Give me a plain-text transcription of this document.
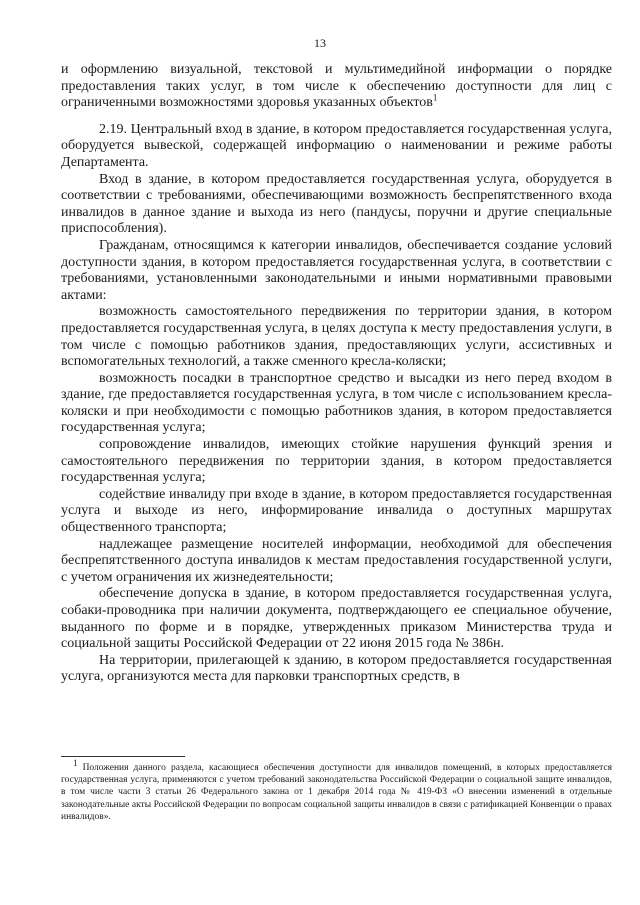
13

и оформлению визуальной, текстовой и мультимедийной информации о порядке предоставления таких услуг, в том числе к обеспечению доступности для лиц с ограниченными возможностями здоровья указанных объектов$^1$

2.19. Центральный вход в здание, в котором предоставляется государственная услуга, оборудуется вывеской, содержащей информацию о наименовании и режиме работы Департамента.

Вход в здание, в котором предоставляется государственная услуга, оборудуется в соответствии с требованиями, обеспечивающими возможность беспрепятственного входа инвалидов в данное здание и выхода из него (пандусы, поручни и другие специальные приспособления).

Гражданам, относящимся к категории инвалидов, обеспечивается создание условий доступности здания, в котором предоставляется государственная услуга, в соответствии с требованиями, установленными законодательными и иными нормативными правовыми актами:

возможность самостоятельного передвижения по территории здания, в котором предоставляется государственная услуга, в целях доступа к месту предоставления услуги, в том числе с помощью работников здания, предоставляющих услуги, ассистивных и вспомогательных технологий, а также сменного кресла-коляски;

возможность посадки в транспортное средство и высадки из него перед входом в здание, где предоставляется государственная услуга, в том числе с использованием кресла-коляски и при необходимости с помощью работников здания, в котором предоставляется государственная услуга;

сопровождение инвалидов, имеющих стойкие нарушения функций зрения и самостоятельного передвижения по территории здания, в котором предоставляется государственная услуга;

содействие инвалиду при входе в здание, в котором предоставляется государственная услуга и выходе из него, информирование инвалида о доступных маршрутах общественного транспорта;

надлежащее размещение носителей информации, необходимой для обеспечения беспрепятственного доступа инвалидов к местам предоставления государственной услуги, с учетом ограничения их жизнедеятельности;

обеспечение допуска в здание, в котором предоставляется государственная услуга, собаки-проводника при наличии документа, подтверждающего ее специальное обучение, выданного по форме и в порядке, утвержденных приказом Министерства труда и социальной защиты Российской Федерации от 22 июня 2015 года № 386н.

На территории, прилегающей к зданию, в котором предоставляется государственная услуга, организуются места для парковки транспортных средств, в

1 Положения данного раздела, касающиеся обеспечения доступности для инвалидов помещений, в которых предоставляется государственная услуга, применяются с учетом требований законодательства Российской Федерации о социальной защите инвалидов, в том числе части 3 статьи 26 Федерального закона от 1 декабря 2014 года № 419-ФЗ «О внесении изменений в отдельные законодательные акты Российской Федерации по вопросам социальной защиты инвалидов в связи с ратификацией Конвенции о правах инвалидов».
